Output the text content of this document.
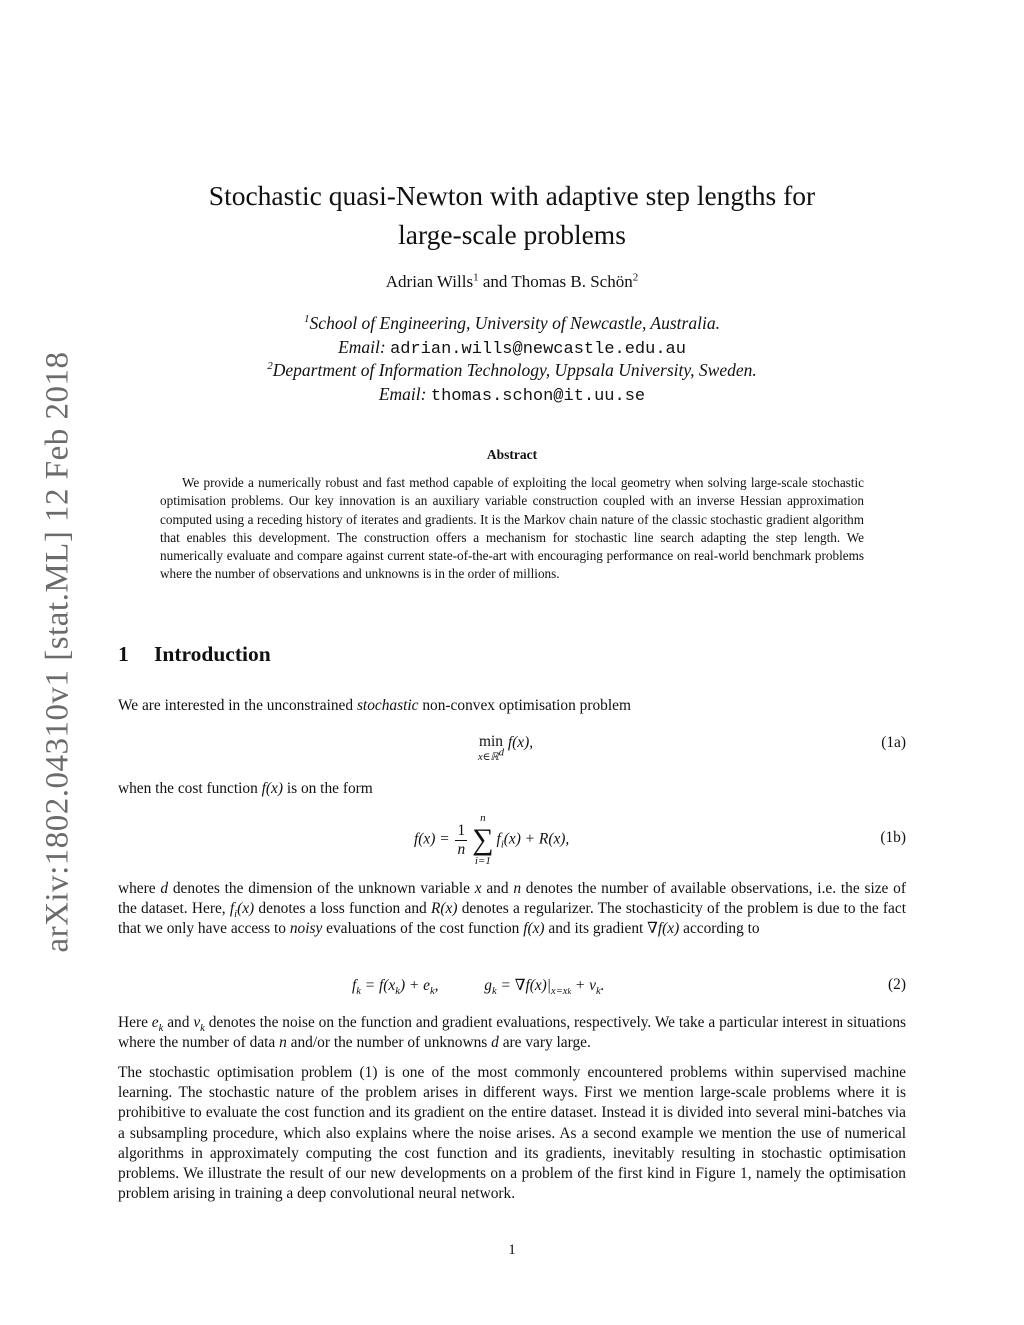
arXiv:1802.04310v1 [stat.ML] 12 Feb 2018
Stochastic quasi-Newton with adaptive step lengths for
large-scale problems
Adrian Wills$^1$ and Thomas B. Schön$^2$
$^1$School of Engineering, University of Newcastle, Australia.
Email: adrian.wills@newcastle.edu.au
$^2$Department of Information Technology, Uppsala University, Sweden.
Email: thomas.schon@it.uu.se
Abstract
We provide a numerically robust and fast method capable of exploiting the local geometry when solving large-scale stochastic optimisation problems. Our key innovation is an auxiliary variable construction coupled with an inverse Hessian approximation computed using a receding history of iterates and gradients. It is the Markov chain nature of the classic stochastic gradient algorithm that enables this development. The construction offers a mechanism for stochastic line search adapting the step length. We numerically evaluate and compare against current state-of-the-art with encouraging performance on real-world benchmark problems where the number of observations and unknowns is in the order of millions.
1 Introduction
We are interested in the unconstrained stochastic non-convex optimisation problem
min
x∈ℝd
f(x),	(1a)
when the cost function f(x) is on the form
$f(x) = \frac{1}{n}$
n
∑
i=1
$f_i(x) + R(x)$,	(1b)
where d denotes the dimension of the unknown variable x and n denotes the number of available observations, i.e. the size of the dataset. Here, $f_i(x)$ denotes a loss function and R(x) denotes a regularizer. The stochasticity of the problem is due to the fact that we only have access to noisy evaluations of the cost function f(x) and its gradient ∇f(x) according to
$f_k = f(x_k) + e_k$,	$g_k = \nabla f(x)|_{x=xk} + v_k$.	(2)
Here $e_k$ and $v_k$ denotes the noise on the function and gradient evaluations, respectively. We take a particular interest in situations where the number of data n and/or the number of unknowns d are vary large.
The stochastic optimisation problem (1) is one of the most commonly encountered problems within supervised machine learning. The stochastic nature of the problem arises in different ways. First we mention large-scale problems where it is prohibitive to evaluate the cost function and its gradient on the entire dataset. Instead it is divided into several mini-batches via a subsampling procedure, which also explains where the noise arises. As a second example we mention the use of numerical algorithms in approximately computing the cost function and its gradients, inevitably resulting in stochastic optimisation problems. We illustrate the result of our new developments on a problem of the first kind in Figure 1, namely the optimisation problem arising in training a deep convolutional neural network.
1
